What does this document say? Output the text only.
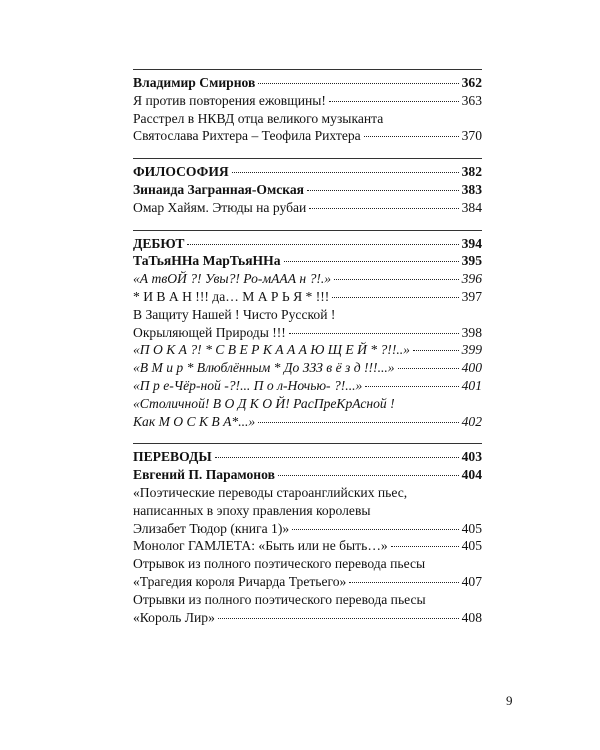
Владимир Смирнов	362
Я против повторения ежовщины!	363
Расстрел в НКВД отца великого музыканта
Святослава Рихтера – Теофила Рихтера	370
ФИЛОСОФИЯ	382
Зинаида Загранная-Омская	383
Омар Хайям. Этюды на рубаи	384
ДЕБЮТ	394
ТаТьяННа МарТьяННа	395
«А твОЙ ?! Увы?! Ро-мААА н ?!.»	396
* И В А Н !!! да… М А Р Ь Я * !!!	397
В Защиту Нашей ! Чисто Русской !
Окрыляющей Природы !!!	398
«П О К А ?! * С В Е Р К А А А Ю Щ Е Й * ?!!..»	399
«В М и р * Влюблённым * До ЗЗЗ в ё з д !!!...»	400
«П р е-Чёр-ной -?!... П о л-Ночью- ?!...»	401
«Столичной! В О Д К О Й! РасПреКрАсной !
Как М О С К В А*...»	402
ПЕРЕВОДЫ	403
Евгений П. Парамонов	404
«Поэтические переводы староанглийских пьес,
написанных в эпоху правления королевы
Элизабет Тюдор (книга 1)»	405
Монолог ГАМЛЕТА: «Быть или не быть…»	405
Отрывок из полного поэтического перевода пьесы
«Трагедия короля Ричарда Третьего»	407
Отрывки из полного поэтического перевода пьесы
«Король Лир»	408
9
